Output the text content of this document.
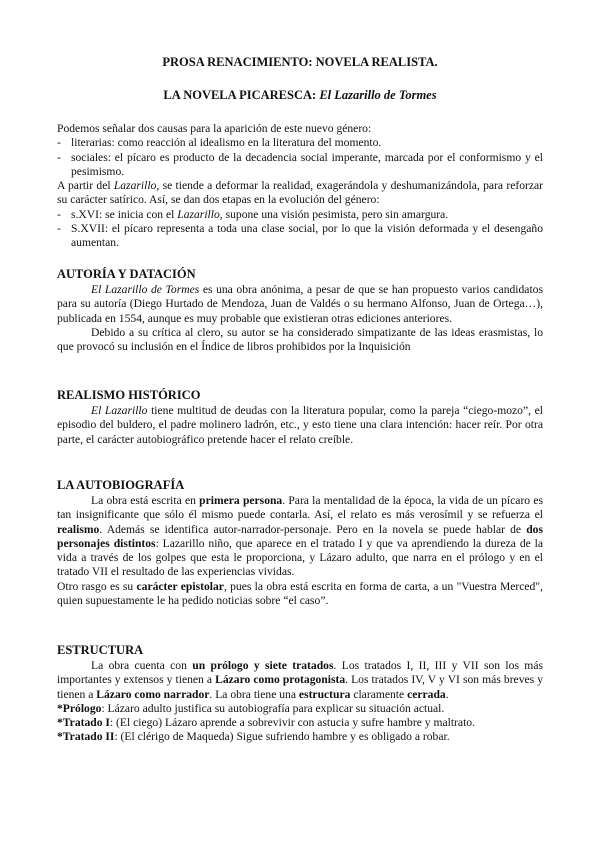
PROSA RENACIMIENTO: NOVELA REALISTA.

LA NOVELA PICARESCA: El Lazarillo de Tormes

Podemos señalar dos causas para la aparición de este nuevo género:

- literarias: como reacción al idealismo en la literatura del momento.
- sociales: el pícaro es producto de la decadencia social imperante, marcada por el conformismo y el pesimismo.

A partir del Lazarillo, se tiende a deformar la realidad, exagerándola y deshumanizándola, para reforzar su carácter satírico. Así, se dan dos etapas en la evolución del género:

- s.XVI: se inicia con el Lazarillo, supone una visión pesimista, pero sin amargura.
- S.XVII: el pícaro representa a toda una clase social, por lo que la visión deformada y el desengaño aumentan.

AUTORÍA Y DATACIÓN

El Lazarillo de Tormes es una obra anónima, a pesar de que se han propuesto varios candidatos para su autoría (Diego Hurtado de Mendoza, Juan de Valdés o su hermano Alfonso, Juan de Ortega…), publicada en 1554, aunque es muy probable que existieran otras ediciones anteriores.

Debido a su crítica al clero, su autor se ha considerado simpatizante de las ideas erasmistas, lo que provocó su inclusión en el Índice de libros prohibidos por la Inquisición

REALISMO HISTÓRICO

El Lazarillo tiene multitud de deudas con la literatura popular, como la pareja “ciego-mozo”, el episodio del buldero, el padre molinero ladrón, etc., y esto tiene una clara intención: hacer reír. Por otra parte, el carácter autobiográfico pretende hacer el relato creíble.

LA AUTOBIOGRAFÍA

La obra está escrita en primera persona. Para la mentalidad de la época, la vida de un pícaro es tan insignificante que sólo él mismo puede contarla. Así, el relato es más verosímil y se refuerza el realismo. Además se identifica autor-narrador-personaje. Pero en la novela se puede hablar de dos personajes distintos: Lazarillo niño, que aparece en el tratado I y que va aprendiendo la dureza de la vida a través de los golpes que esta le proporciona, y Lázaro adulto, que narra en el prólogo y en el tratado VII el resultado de las experiencias vividas.

Otro rasgo es su carácter epistolar, pues la obra está escrita en forma de carta, a un "Vuestra Merced", quien supuestamente le ha pedido noticias sobre “el caso”.

ESTRUCTURA

La obra cuenta con un prólogo y siete tratados. Los tratados I, II, III y VII son los más importantes y extensos y tienen a Lázaro como protagonista. Los tratados IV, V y VI son más breves y tienen a Lázaro como narrador. La obra tiene una estructura claramente cerrada.

*Prólogo: Lázaro adulto justifica su autobiografía para explicar su situación actual.

*Tratado I: (El ciego) Lázaro aprende a sobrevivir con astucia y sufre hambre y maltrato.

*Tratado II: (El clérigo de Maqueda) Sigue sufriendo hambre y es obligado a robar.
